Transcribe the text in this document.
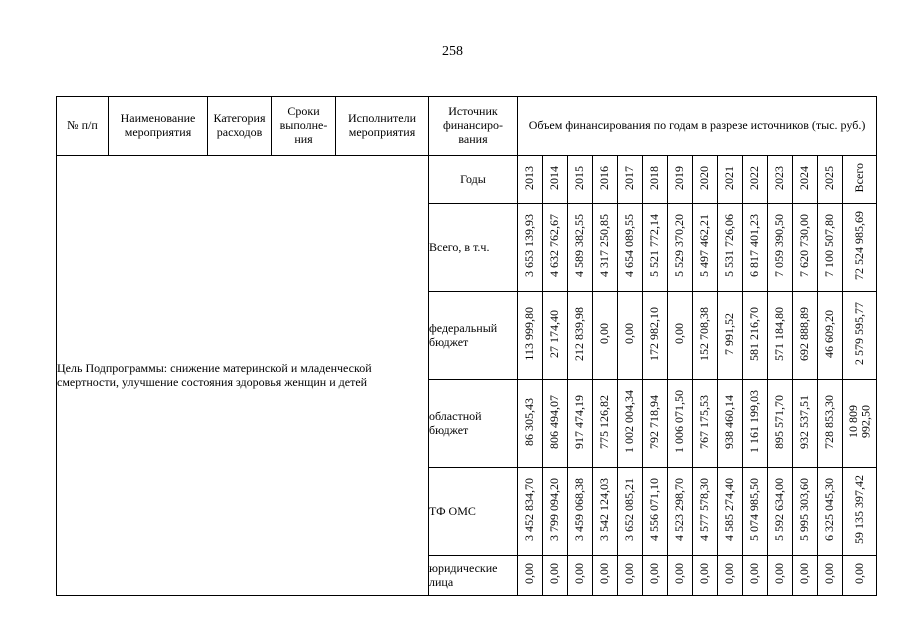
258
№ п/п	Наименование мероприятия	Категория расходов	Сроки выполне-ния	Исполнители мероприятия	Источник финансиро-вания	Объем финансирования по годам в разрезе источников (тыс. руб.)													
Цель Подпрограммы: снижение материнской и младенческой смертности, улучшение состояния здоровья женщин и детей					Годы	2013	2014	2015	2016	2017	2018	2019	2020	2021	2022	2023	2024	2025	Всего
					Всего, в т.ч.	3 653 139,93	4 632 762,67	4 589 382,55	4 317 250,85	4 654 089,55	5 521 772,14	5 529 370,20	5 497 462,21	5 531 726,06	6 817 401,23	7 059 390,50	7 620 730,00	7 100 507,80	72 524 985,69
					федеральный бюджет	113 999,80	27 174,40	212 839,98	0,00	0,00	172 982,10	0,00	152 708,38	7 991,52	581 216,70	571 184,80	692 888,89	46 609,20	2 579 595,77
					областной бюджет	86 305,43	806 494,07	917 474,19	775 126,82	1 002 004,34	792 718,94	1 006 071,50	767 175,53	938 460,14	1 161 199,03	895 571,70	932 537,51	728 853,30	10 809 992,50
					ТФ ОМС	3 452 834,70	3 799 094,20	3 459 068,38	3 542 124,03	3 652 085,21	4 556 071,10	4 523 298,70	4 577 578,30	4 585 274,40	5 074 985,50	5 592 634,00	5 995 303,60	6 325 045,30	59 135 397,42
					юридические лица	0,00	0,00	0,00	0,00	0,00	0,00	0,00	0,00	0,00	0,00	0,00	0,00	0,00	0,00
